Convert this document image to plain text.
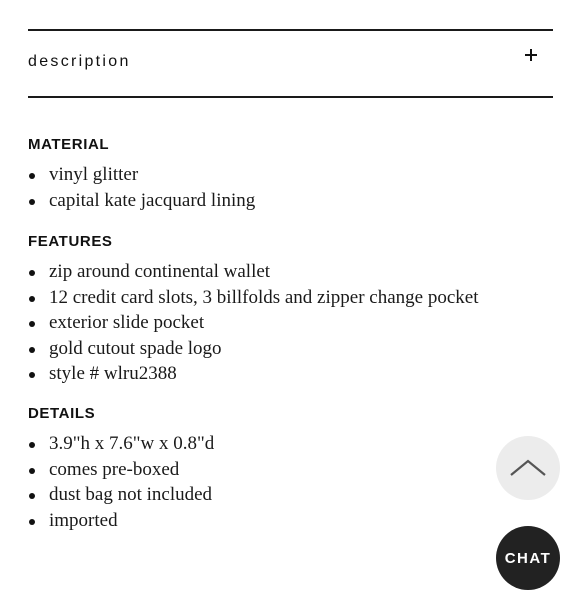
description
MATERIAL
vinyl glitter
capital kate jacquard lining
FEATURES
zip around continental wallet
12 credit card slots, 3 billfolds and zipper change pocket
exterior slide pocket
gold cutout spade logo
style # wlru2388
DETAILS
3.9"h x 7.6"w x 0.8"d
comes pre-boxed
dust bag not included
imported
CHAT
